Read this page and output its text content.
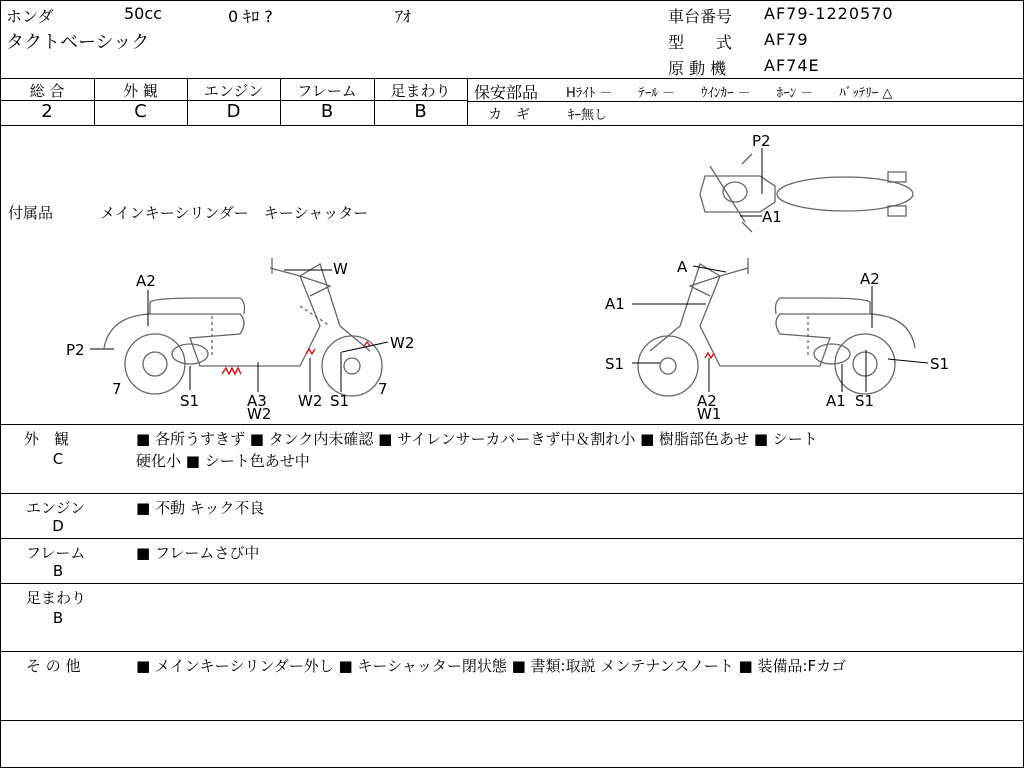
ホンダ	50cc	0 ｷﾛ ?	ｱｵ
タクトベーシック
車台番号 AF79-1220570
型　　式 AF79
原 動 機 AF74E
総 合	外 観	エンジン	フレーム	足まわり
2	C	D	B	B
保安部品 Hﾗｲﾄ －　　ﾃｰﾙ －　　ｳｲﾝｶｰ －　　ﾎｰﾝ －　　ﾊﾞｯﾃﾘｰ △
カ　ギ	ｷｰ無し
付属品	メインキーシリンダー　キーシャッター
P2
A1
W
A2
P2	W2
7	7
S1	A3
W2
W2 S1
A
A2
A1
S1	S1
A2
W1
A1 S1
外　観
C
■ 各所うすきず ■ タンク内未確認 ■ サイレンサーカバーきず中＆割れ小 ■ 樹脂部色あせ ■ シート
硬化小 ■ シート色あせ中
エンジン
D
■ 不動 キック不良
フレーム
B
■ フレームさび中
足まわり
B
そ の 他	■ メインキーシリンダー外し ■ キーシャッター閉状態 ■ 書類:取説 メンテナンスノート ■ 装備品:Fカゴ
